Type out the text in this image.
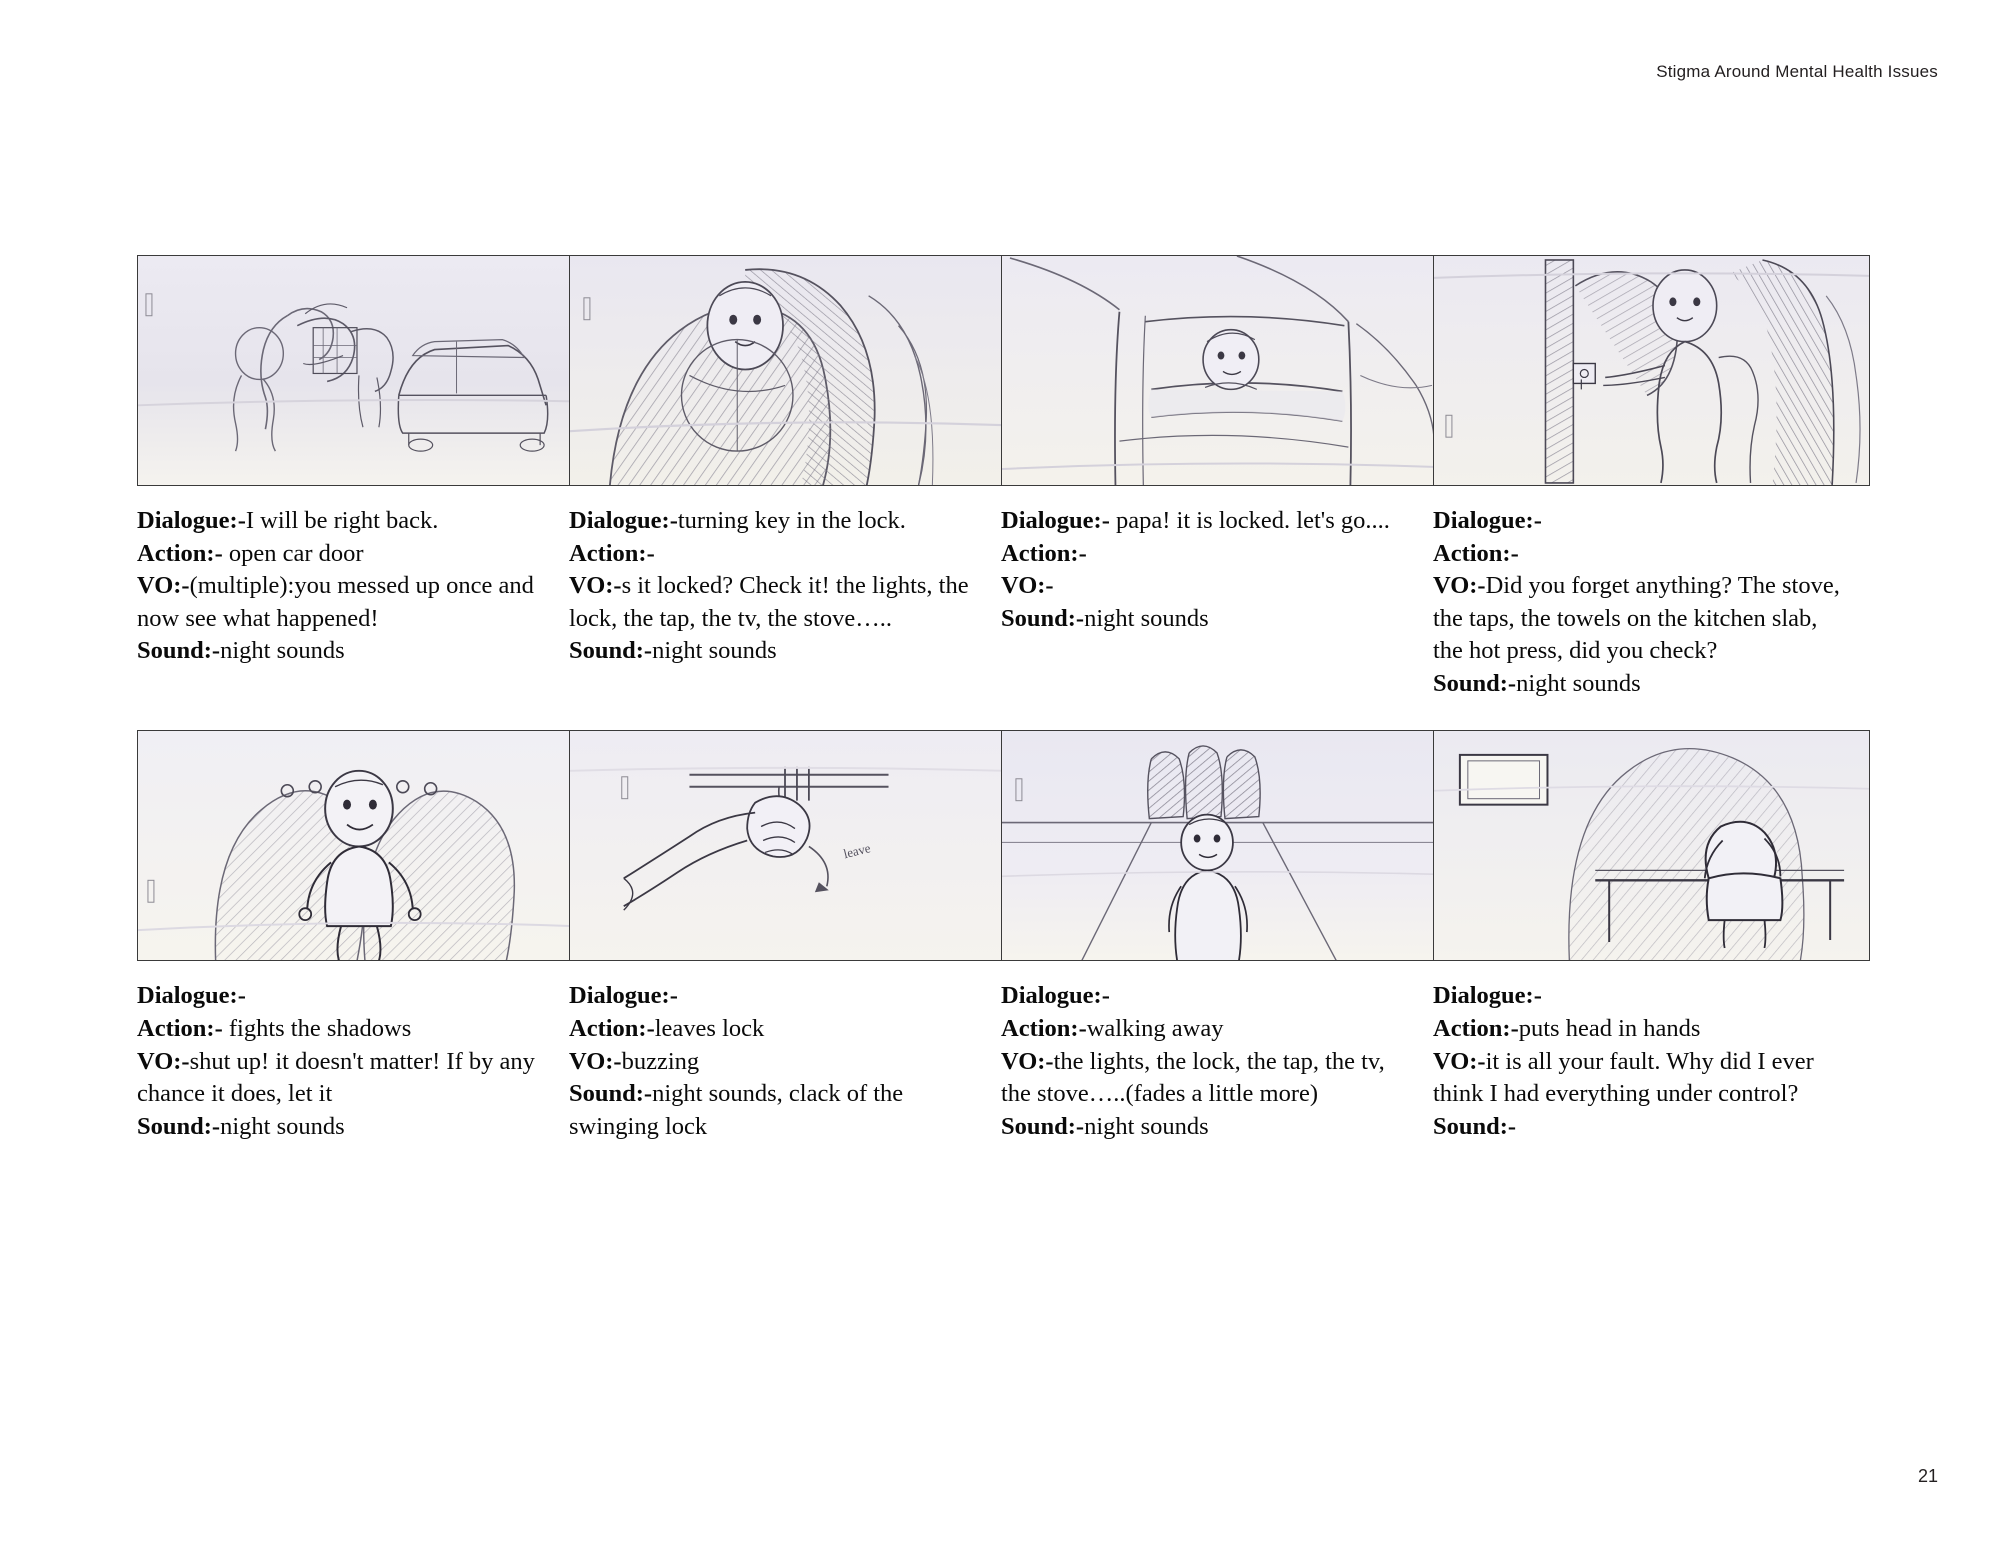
Stigma Around Mental Health Issues
Dialogue:-I will be right back.
Action:- open car door
VO:-(multiple):you messed up once and now see what happened!
Sound:-night sounds
Dialogue:-turning key in the lock.
Action:-
VO:-s it locked? Check it! the lights, the lock, the tap, the tv, the stove…..
Sound:-night sounds
Dialogue:- papa! it is locked. let's go....
Action:-
VO:-
Sound:-night sounds
Dialogue:-
Action:-
VO:-Did you forget anything? The stove, the taps, the towels on the kitchen slab, the hot press, did you check?
Sound:-night sounds
Dialogue:-
Action:- fights the shadows
VO:-shut up! it doesn't matter! If by any chance it does, let it
Sound:-night sounds
leave
Dialogue:-
Action:-leaves lock
VO:-buzzing
Sound:-night sounds, clack of the swinging lock
Dialogue:-
Action:-walking away
VO:-the lights, the lock, the tap, the tv, the stove…..(fades a little more)
Sound:-night sounds
Dialogue:-
Action:-puts head in hands
VO:-it is all your fault. Why did I ever think I had everything under control?
Sound:-
21
